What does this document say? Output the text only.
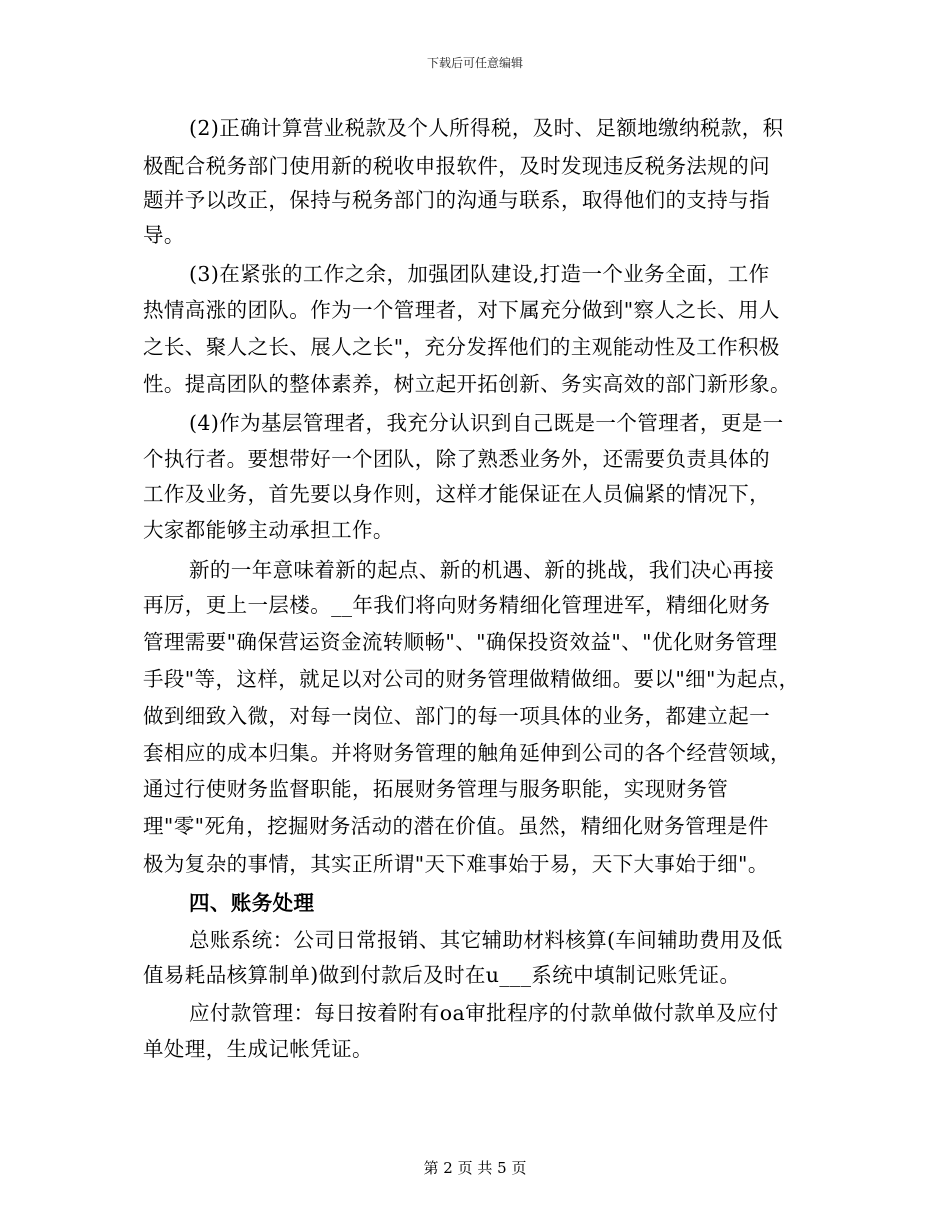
下载后可任意编辑
(2)正确计算营业税款及个人所得税，及时、足额地缴纳税款，积
极配合税务部门使用新的税收申报软件，及时发现违反税务法规的问
题并予以改正，保持与税务部门的沟通与联系，取得他们的支持与指
导。
(3)在紧张的工作之余，加强团队建设,打造一个业务全面，工作
热情高涨的团队。作为一个管理者，对下属充分做到"察人之长、用人
之长、聚人之长、展人之长"，充分发挥他们的主观能动性及工作积极
性。提高团队的整体素养，树立起开拓创新、务实高效的部门新形象。
(4)作为基层管理者，我充分认识到自己既是一个管理者，更是一
个执行者。要想带好一个团队，除了熟悉业务外，还需要负责具体的
工作及业务，首先要以身作则，这样才能保证在人员偏紧的情况下，
大家都能够主动承担工作。
新的一年意味着新的起点、新的机遇、新的挑战，我们决心再接
再厉，更上一层楼。__年我们将向财务精细化管理进军，精细化财务
管理需要"确保营运资金流转顺畅"、"确保投资效益"、"优化财务管理
手段"等，这样，就足以对公司的财务管理做精做细。要以"细"为起点，
做到细致入微，对每一岗位、部门的每一项具体的业务，都建立起一
套相应的成本归集。并将财务管理的触角延伸到公司的各个经营领域，
通过行使财务监督职能，拓展财务管理与服务职能，实现财务管
理"零"死角，挖掘财务活动的潜在价值。虽然，精细化财务管理是件
极为复杂的事情，其实正所谓"天下难事始于易，天下大事始于细"。
四、账务处理
总账系统：公司日常报销、其它辅助材料核算(车间辅助费用及低
值易耗品核算制单)做到付款后及时在u___系统中填制记账凭证。
应付款管理：每日按着附有oa审批程序的付款单做付款单及应付
单处理，生成记帐凭证。
第 2 页 共 5 页
